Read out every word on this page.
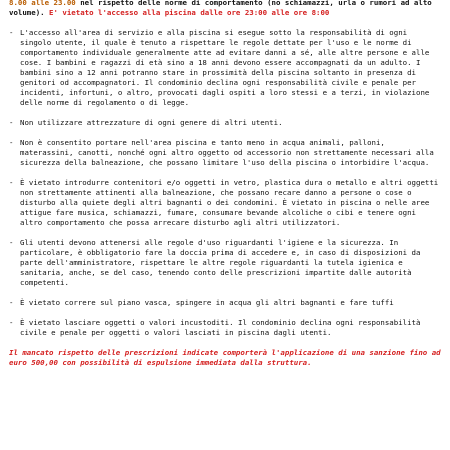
8.00 alle 23.00 nel rispetto delle norme di comportamento (no schiamazzi, urla o rumori ad alto volume). E' vietato l'accesso alla piscina dalle ore 23:00 alle ore 8:00
- L'accesso all'area di servizio e alla piscina si esegue sotto la responsabilità di ogni singolo utente, il quale è tenuto a rispettare le regole dettate per l'uso e le norme di comportamento individuale generalmente atte ad evitare danni a sé, alle altre persone e alle cose. I bambini e ragazzi di età sino a 18 anni devono essere accompagnati da un adulto. I bambini sino a 12 anni potranno stare in prossimità della piscina soltanto in presenza di genitori od accompagnatori. Il condominio declina ogni responsabilità civile e penale per incidenti, infortuni, o altro, provocati dagli ospiti a loro stessi e a terzi, in violazione delle norme di regolamento o di legge.
- Non utilizzare attrezzature di ogni genere di altri utenti.
- Non è consentito portare nell'area piscina e tanto meno in acqua animali, palloni, materassini, canotti, nonché ogni altro oggetto od accessorio non strettamente necessari alla sicurezza della balneazione, che possano limitare l'uso della piscina o intorbidire l'acqua.
- È vietato introdurre contenitori e/o oggetti in vetro, plastica dura o metallo e altri oggetti non strettamente attinenti alla balneazione, che possano recare danno a persone o cose o disturbo alla quiete degli altri bagnanti o dei condomini. È vietato in piscina o nelle aree attigue fare musica, schiamazzi, fumare, consumare bevande alcoliche o cibi e tenere ogni altro comportamento che possa arrecare disturbo agli altri utilizzatori.
- Gli utenti devono attenersi alle regole d'uso riguardanti l'igiene e la sicurezza. In particolare, è obbligatorio fare la doccia prima di accedere e, in caso di disposizioni da parte dell'amministratore, rispettare le altre regole riguardanti la tutela igienica e sanitaria, anche, se del caso, tenendo conto delle prescrizioni impartite dalle autorità competenti.
- È vietato correre sul piano vasca, spingere in acqua gli altri bagnanti e fare tuffi
- È vietato lasciare oggetti o valori incustoditi. Il condominio declina ogni responsabilità civile e penale per oggetti o valori lasciati in piscina dagli utenti.
Il mancato rispetto delle prescrizioni indicate comporterà l'applicazione di una sanzione fino ad euro 500,00 con possibilità di espulsione immediata dalla struttura.
